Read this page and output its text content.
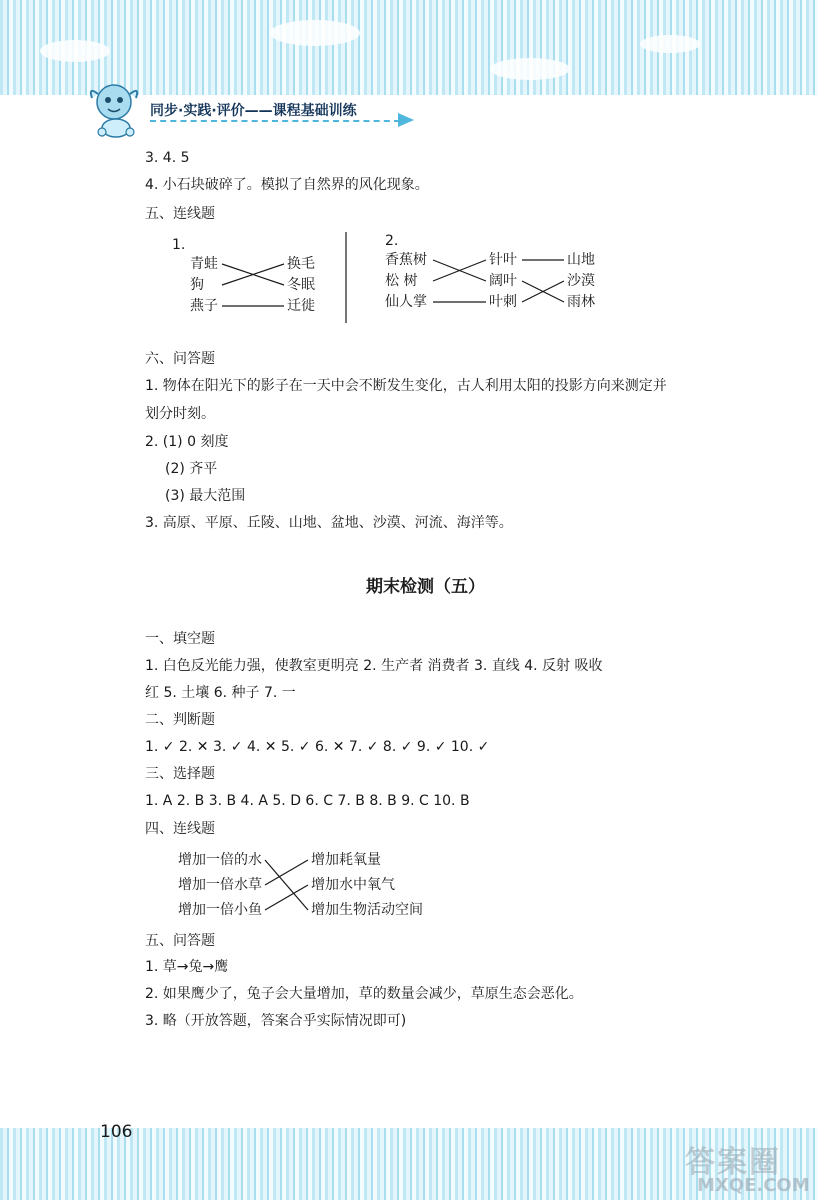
同步·实践·评价——课程基础训练
3. 4. 5
4. 小石块破碎了。模拟了自然界的风化现象。
五、连线题
1.
青蛙
狗
燕子
换毛
冬眠
迁徙
2.
香蕉树
松 树
仙人掌
针叶
阔叶
叶刺
山地
沙漠
雨林
六、问答题
1. 物体在阳光下的影子在一天中会不断发生变化，古人利用太阳的投影方向来测定并
划分时刻。
2. (1) 0 刻度
(2) 齐平
(3) 最大范围
3. 高原、平原、丘陵、山地、盆地、沙漠、河流、海洋等。
期末检测（五）
一、填空题
1. 白色反光能力强，使教室更明亮 2. 生产者 消费者 3. 直线 4. 反射 吸收
红 5. 土壤 6. 种子 7. 一
二、判断题
1. ✓ 2. ✕ 3. ✓ 4. ✕ 5. ✓ 6. ✕ 7. ✓ 8. ✓ 9. ✓ 10. ✓
三、选择题
1. A 2. B 3. B 4. A 5. D 6. C 7. B 8. B 9. C 10. B
四、连线题
增加一倍的水
增加一倍水草
增加一倍小鱼
增加耗氧量
增加水中氧气
增加生物活动空间
五、问答题
1. 草→兔→鹰
2. 如果鹰少了，兔子会大量增加，草的数量会减少，草原生态会恶化。
3. 略（开放答题，答案合乎实际情况即可)
106
答案圈
MXQE.COM
